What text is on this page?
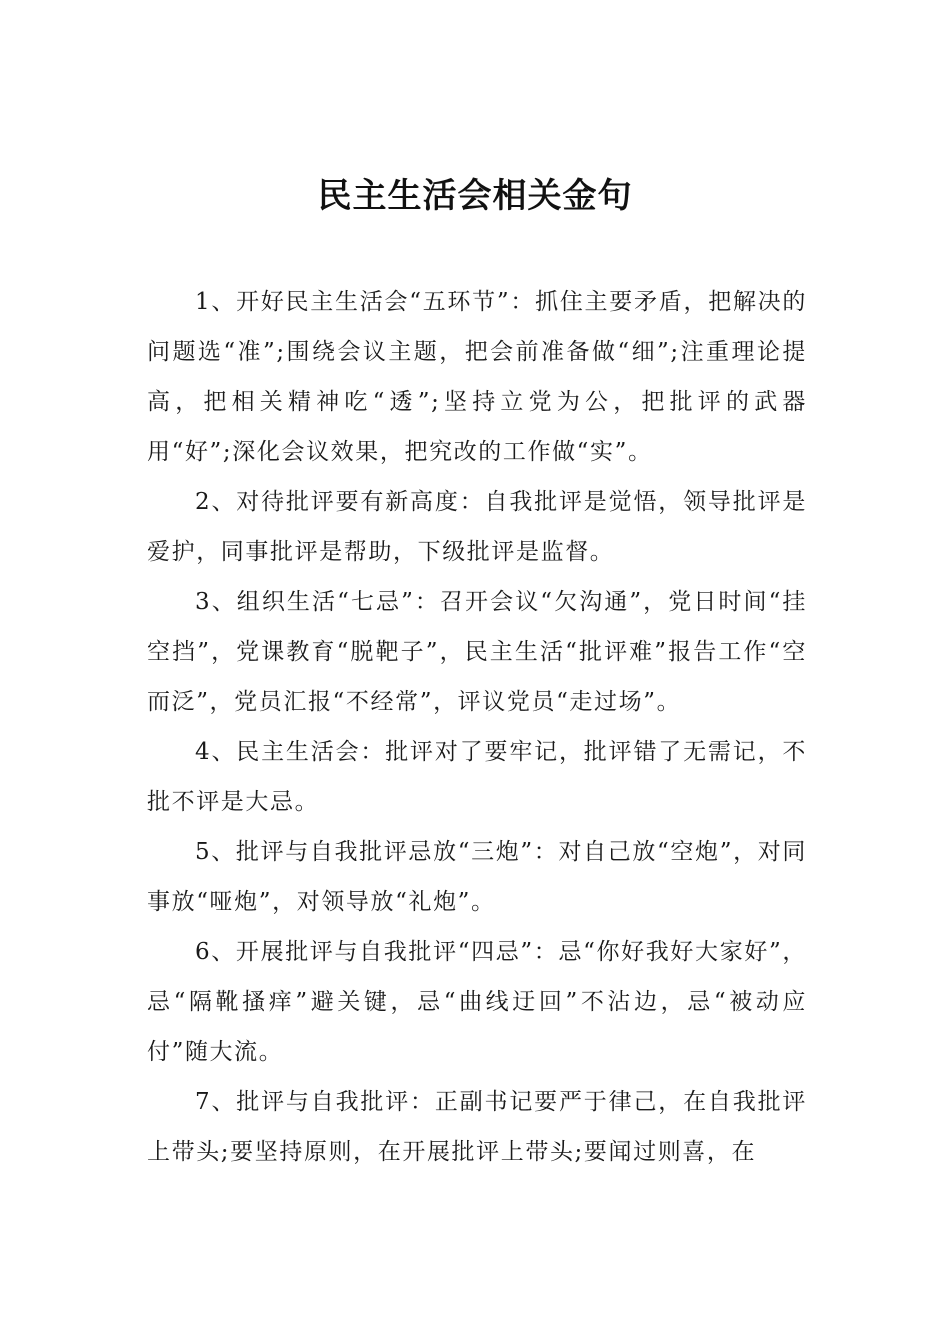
民主生活会相关金句

1、开好民主生活会“五环节”：抓住主要矛盾，把解决的问题选“准”;围绕会议主题，把会前准备做“细”;注重理论提高，把相关精神吃“透”;坚持立党为公，把批评的武器用“好”;深化会议效果，把究改的工作做“实”。

2、对待批评要有新高度：自我批评是觉悟，领导批评是爱护，同事批评是帮助，下级批评是监督。

3、组织生活“七忌”：召开会议“欠沟通”，党日时间“挂空挡”，党课教育“脱靶子”，民主生活“批评难”报告工作“空而泛”，党员汇报“不经常”，评议党员“走过场”。

4、民主生活会：批评对了要牢记，批评错了无需记，不批不评是大忌。

5、批评与自我批评忌放“三炮”：对自己放“空炮”，对同事放“哑炮”，对领导放“礼炮”。

6、开展批评与自我批评“四忌”：忌“你好我好大家好”，忌“隔靴搔痒”避关键，忌“曲线迂回”不沾边，忌“被动应付”随大流。

7、批评与自我批评：正副书记要严于律己，在自我批评上带头;要坚持原则，在开展批评上带头;要闻过则喜，在
